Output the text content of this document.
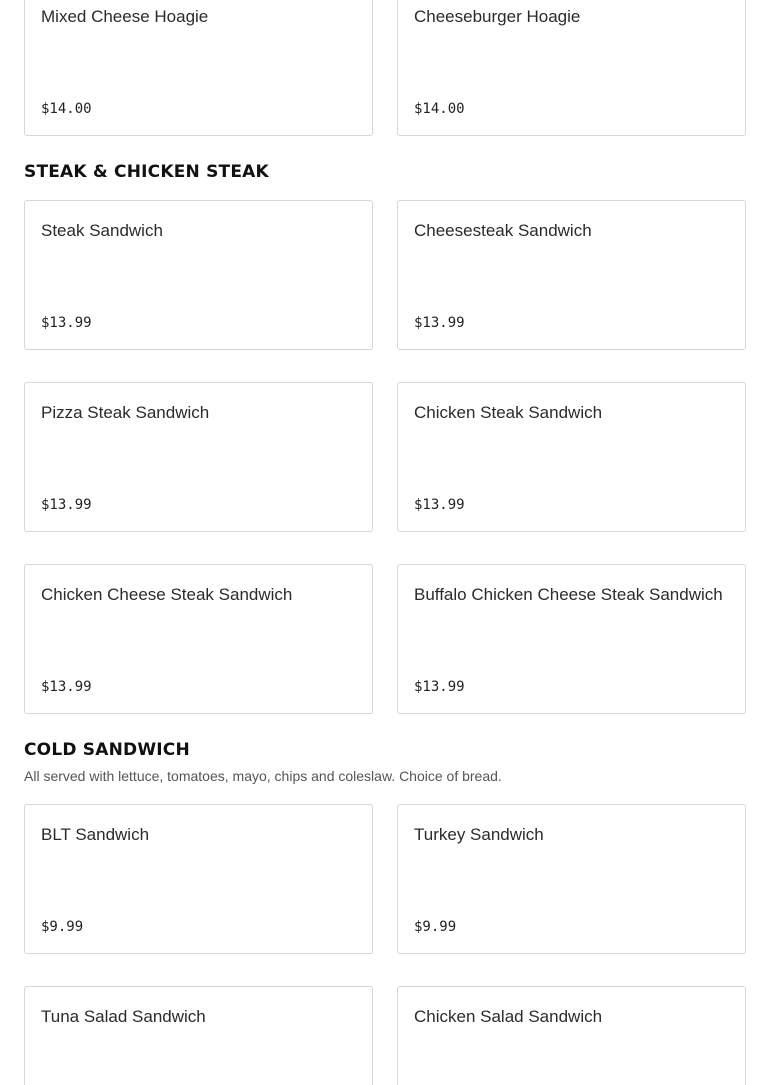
Mixed Cheese Hoagie
$14.00
Cheeseburger Hoagie
$14.00
STEAK & CHICKEN STEAK
Steak Sandwich
$13.99
Cheesesteak Sandwich
$13.99
Pizza Steak Sandwich
$13.99
Chicken Steak Sandwich
$13.99
Chicken Cheese Steak Sandwich
$13.99
Buffalo Chicken Cheese Steak Sandwich
$13.99
COLD SANDWICH

All served with lettuce, tomatoes, mayo, chips and coleslaw. Choice of bread.

BLT Sandwich
$9.99
Turkey Sandwich
$9.99
Tuna Salad Sandwich	Chicken Salad Sandwich
